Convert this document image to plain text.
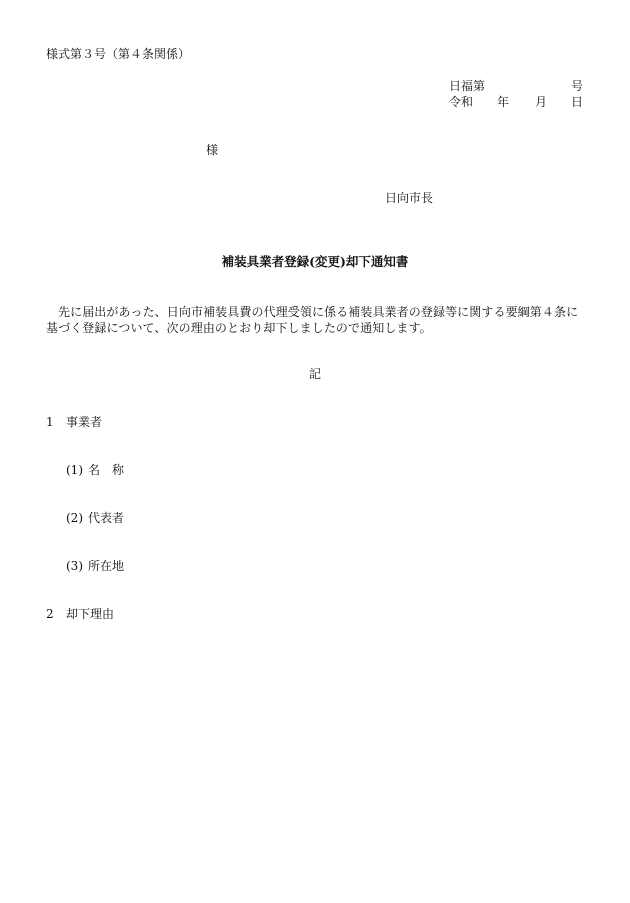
様式第３号（第４条関係）
日福第	号
令和 年 月 日
様
日向市長
補装具業者登録(変更)却下通知書
先に届出があった、日向市補装具費の代理受領に係る補装具業者の登録等に関する要綱第４条に基づく登録について、次の理由のとおり却下しましたので通知します。
記
1	事業者
(1) 名　称
(2) 代表者
(3) 所在地
2	却下理由
